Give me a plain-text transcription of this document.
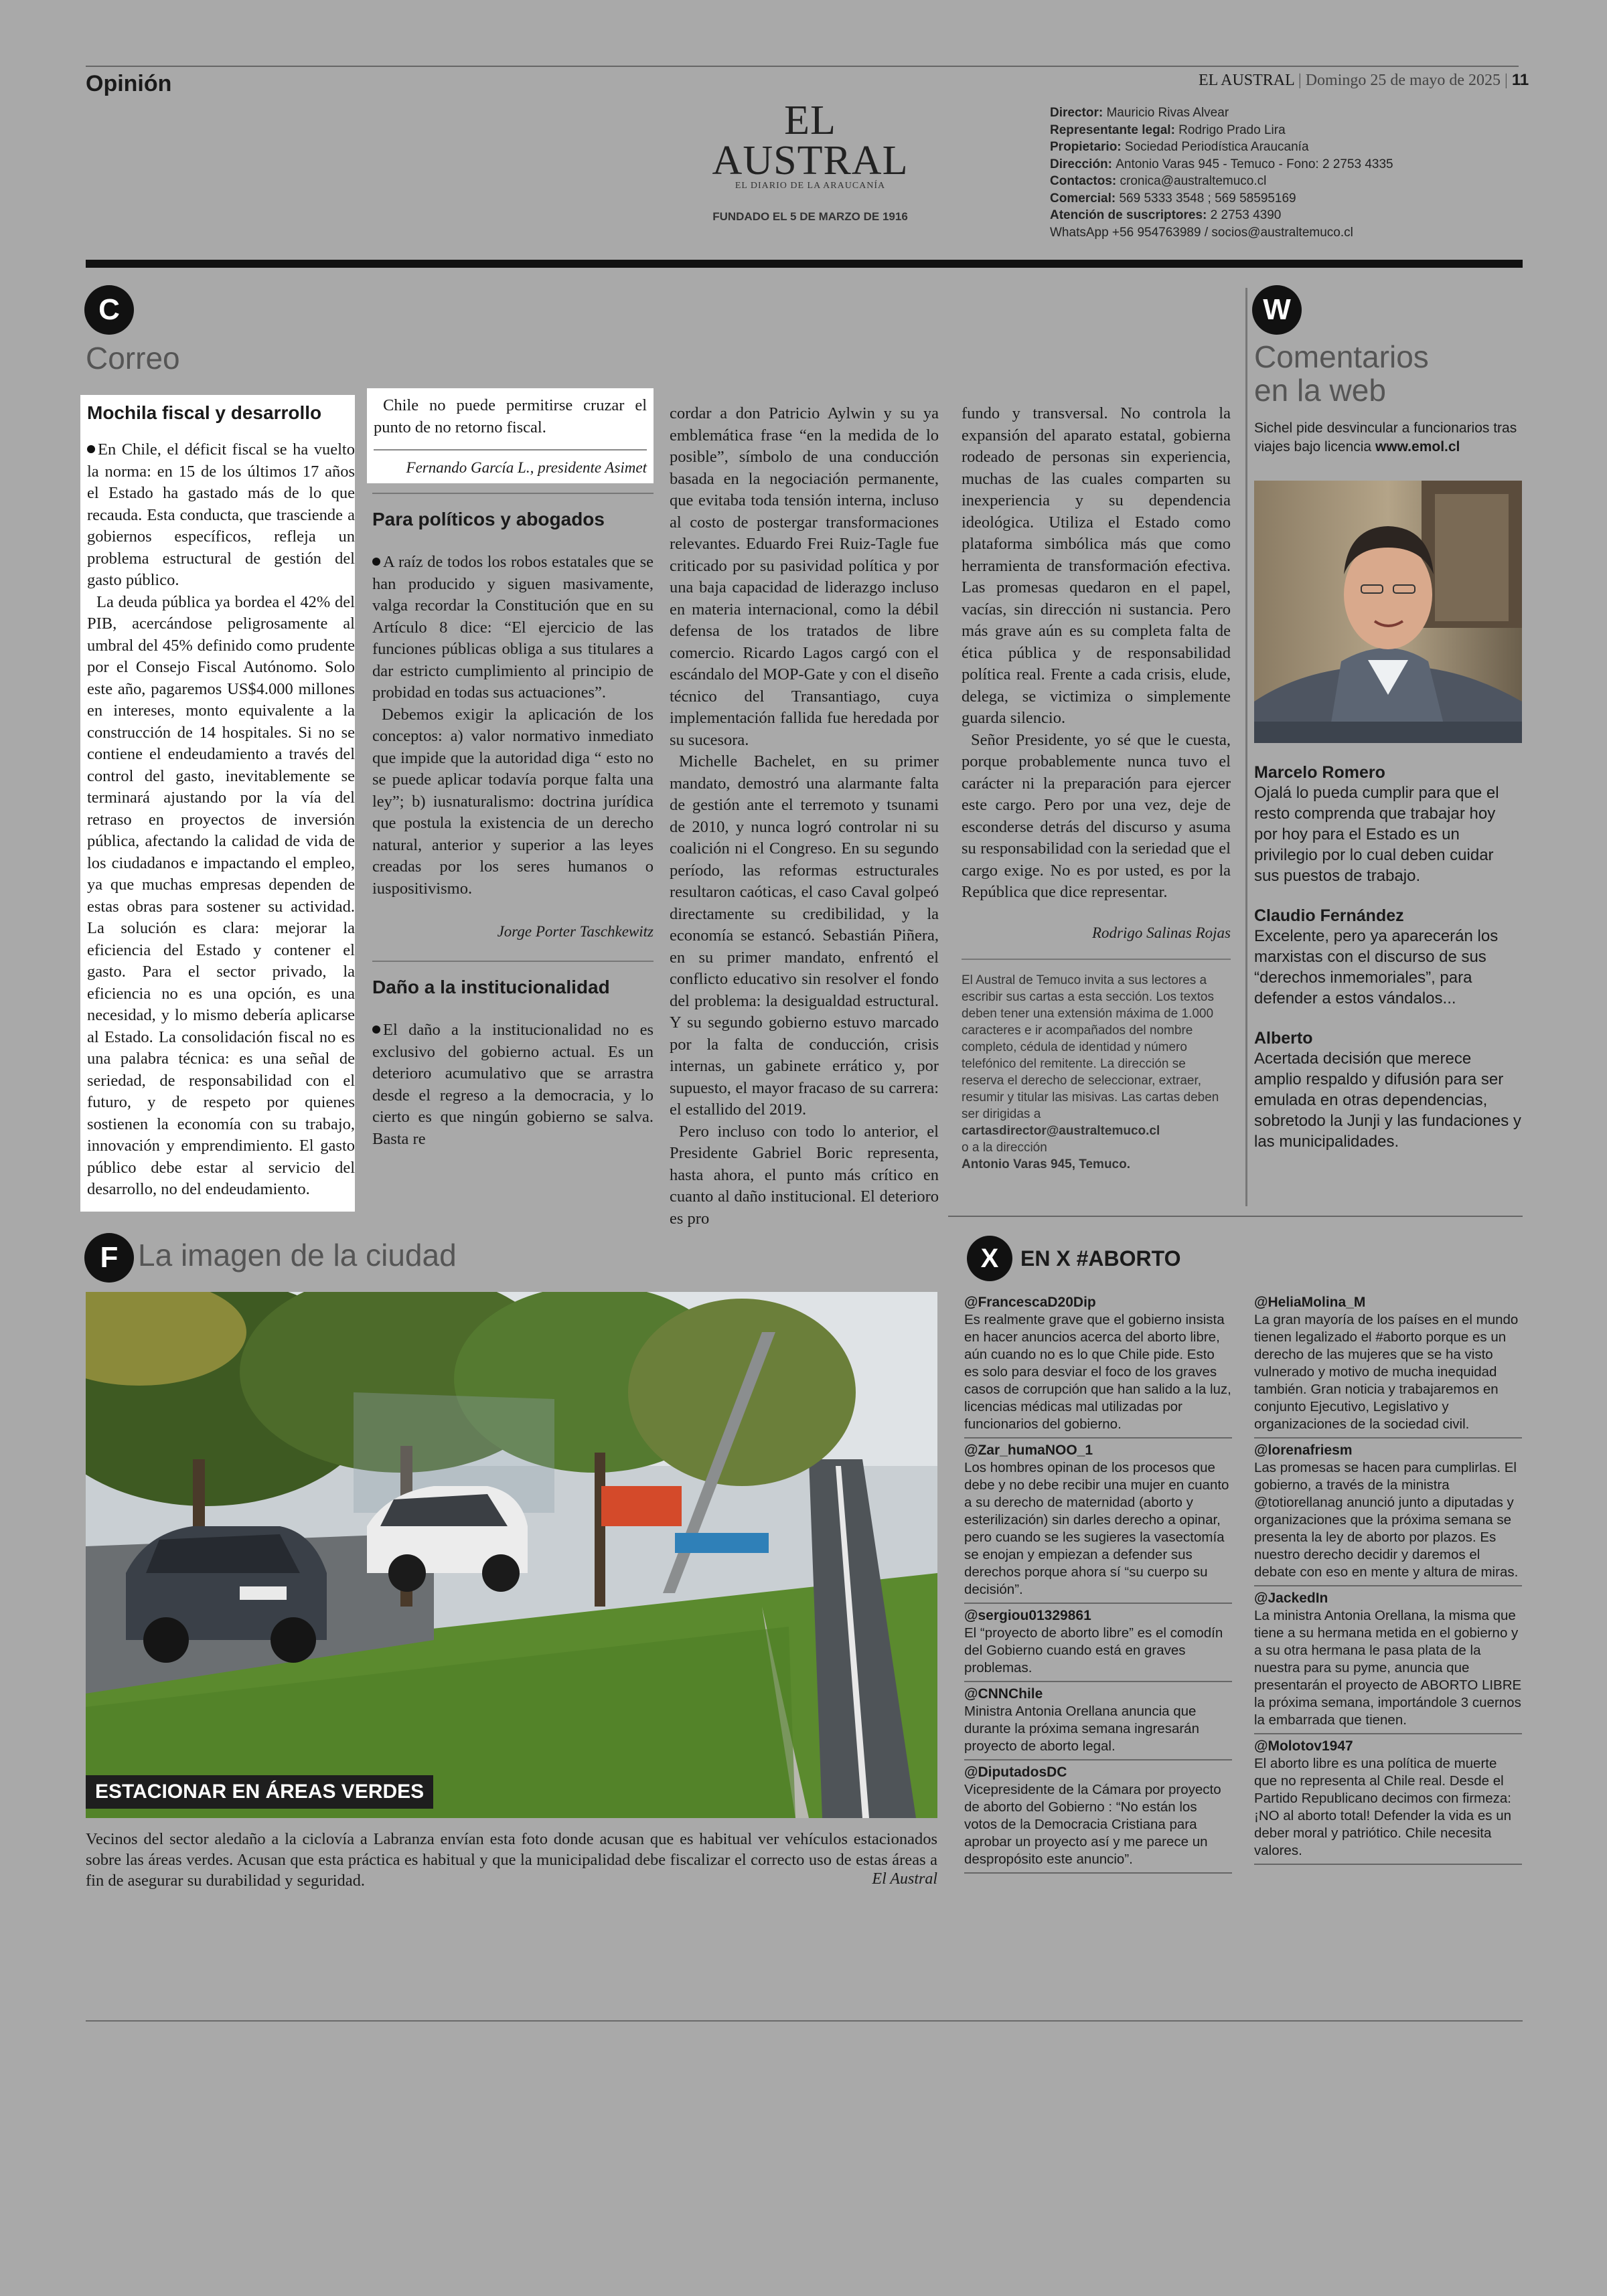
Opinión
EL AUSTRAL
EL DIARIO DE LA ARAUCANÍA
FUNDADO EL 5 DE MARZO DE 1916
EL AUSTRAL | Domingo 25 de mayo de 2025 | 11
Director: Mauricio Rivas Alvear
Representante legal: Rodrigo Prado Lira
Propietario: Sociedad Periodística Araucanía
Dirección: Antonio Varas 945 - Temuco - Fono: 2 2753 4335
Contactos: cronica@australtemuco.cl
Comercial: 569 5333 3548 ; 569 58595169
Atención de suscriptores: 2 2753 4390
WhatsApp +56 954763989 / socios@australtemuco.cl
C
Correo
Mochila fiscal y desarrollo

En Chile, el déficit fiscal se ha vuelto la norma: en 15 de los últimos 17 años el Estado ha gastado más de lo que recauda. Esta conducta, que trasciende a gobiernos específicos, refleja un problema estructural de gestión del gasto público.

La deuda pública ya bordea el 42% del PIB, acercándose peligrosamente al umbral del 45% definido como prudente por el Consejo Fiscal Autónomo. Solo este año, pagaremos US$4.000 millones en intereses, monto equivalente a la construcción de 14 hospitales. Si no se contiene el endeudamiento a través del control del gasto, inevitablemente se terminará ajustando por la vía del retraso en proyectos de inversión pública, afectando la calidad de vida de los ciudadanos e impactando el empleo, ya que muchas empresas dependen de estas obras para sostener su actividad. La solución es clara: mejorar la eficiencia del Estado y contener el gasto. Para el sector privado, la eficiencia no es una opción, es una necesidad, y lo mismo debería aplicarse al Estado. La consolidación fiscal no es una palabra técnica: es una señal de seriedad, de responsabilidad con el futuro, y de respeto por quienes sostienen la economía con su trabajo, innovación y emprendimiento. El gasto público debe estar al servicio del desarrollo, no del endeudamiento.

Chile no puede permitirse cruzar el punto de no retorno fiscal.

Fernando García L., presidente Asimet
Para políticos y abogados

A raíz de todos los robos estatales que se han producido y siguen masivamente, valga recordar la Constitución que en su Artículo 8 dice: “El ejercicio de las funciones públicas obliga a sus titulares a dar estricto cumplimiento al principio de probidad en todas sus actuaciones”.

Debemos exigir la aplicación de los conceptos: a) valor normativo inmediato que impide que la autoridad diga “ esto no se puede aplicar todavía porque falta una ley”; b) iusnaturalismo: doctrina jurídica que postula la existencia de un derecho natural, anterior y superior a las leyes creadas por los seres humanos o iuspositivismo.

Jorge Porter Taschkewitz
Daño a la institucionalidad

El daño a la institucionalidad no es exclusivo del gobierno actual. Es un deterioro acumulativo que se arrastra desde el regreso a la democracia, y lo cierto es que ningún gobierno se salva. Basta re

cordar a don Patricio Aylwin y su ya emblemática frase “en la medida de lo posible”, símbolo de una conducción basada en la negociación permanente, que evitaba toda tensión interna, incluso al costo de postergar transformaciones relevantes. Eduardo Frei Ruiz-Tagle fue criticado por su pasividad política y por una baja capacidad de liderazgo incluso en materia internacional, como la débil defensa de los tratados de libre comercio. Ricardo Lagos cargó con el escándalo del MOP-Gate y con el diseño técnico del Transantiago, cuya implementación fallida fue heredada por su sucesora.

Michelle Bachelet, en su primer mandato, demostró una alarmante falta de gestión ante el terremoto y tsunami de 2010, y nunca logró controlar ni su coalición ni el Congreso. En su segundo período, las reformas estructurales resultaron caóticas, el caso Caval golpeó directamente su credibilidad, y la economía se estancó. Sebastián Piñera, en su primer mandato, enfrentó el conflicto educativo sin resolver el fondo del problema: la desigualdad estructural. Y su segundo gobierno estuvo marcado por la falta de conducción, crisis internas, un gabinete errático y, por supuesto, el mayor fracaso de su carrera: el estallido del 2019.

Pero incluso con todo lo anterior, el Presidente Gabriel Boric representa, hasta ahora, el punto más crítico en cuanto al daño institucional. El deterioro es pro

fundo y transversal. No controla la expansión del aparato estatal, gobierna rodeado de personas sin experiencia, muchas de las cuales comparten su inexperiencia y su dependencia ideológica. Utiliza el Estado como plataforma simbólica más que como herramienta de transformación efectiva. Las promesas quedaron en el papel, vacías, sin dirección ni sustancia. Pero más grave aún es su completa falta de ética pública y de responsabilidad política real. Frente a cada crisis, elude, delega, se victimiza o simplemente guarda silencio.

Señor Presidente, yo sé que le cuesta, porque probablemente nunca tuvo el carácter ni la preparación para ejercer este cargo. Pero por una vez, deje de esconderse detrás del discurso y asuma su responsabilidad con la seriedad que el cargo exige. No es por usted, es por la República que dice representar.

Rodrigo Salinas Rojas
El Austral de Temuco invita a sus lectores a escribir sus cartas a esta sección. Los textos deben tener una extensión máxima de 1.000 caracteres e ir acompañados del nombre completo, cédula de identidad y número telefónico del remitente. La dirección se reserva el derecho de seleccionar, extraer, resumir y titular las misivas. Las cartas deben ser dirigidas a
cartasdirector@australtemuco.cl
o a la dirección
Antonio Varas 945, Temuco.
W
Comentarios
en la web
Sichel pide desvincular a funcionarios tras viajes bajo licencia www.emol.cl
Marcelo Romero
Ojalá lo pueda cumplir para que el resto comprenda que trabajar hoy por hoy para el Estado es un privilegio por lo cual deben cuidar sus puestos de trabajo.
Claudio Fernández
Excelente, pero ya aparecerán los marxistas con el discurso de sus “derechos inmemoriales”, para defender a estos vándalos...
Alberto
Acertada decisión que merece amplio respaldo y difusión para ser emulada en otras dependencias, sobretodo la Junji y las fundaciones y las municipalidades.
F La imagen de la ciudad
ESTACIONAR EN ÁREAS VERDES
Vecinos del sector aledaño a la ciclovía a Labranza envían esta foto donde acusan que es habitual ver vehículos estacionados sobre las áreas verdes. Acusan que esta práctica es habitual y que la municipalidad debe fiscalizar el correcto uso de estas áreas a fin de asegurar su durabilidad y seguridad.	El Austral
X	EN X #ABORTO
@FrancescaD20Dip
Es realmente grave que el gobierno insista en hacer anuncios acerca del aborto libre, aún cuando no es lo que Chile pide. Esto es solo para desviar el foco de los graves casos de corrupción que han salido a la luz, licencias médicas mal utilizadas por funcionarios del gobierno.
@Zar_humaNOO_1
Los hombres opinan de los procesos que debe y no debe recibir una mujer en cuanto a su derecho de maternidad (aborto y esterilización) sin darles derecho a opinar, pero cuando se les sugieres la vasectomía se enojan y empiezan a defender sus derechos porque ahora sí “su cuerpo su decisión”.
@sergiou01329861
El “proyecto de aborto libre” es el comodín del Gobierno cuando está en graves problemas.
@CNNChile
Ministra Antonia Orellana anuncia que durante la próxima semana ingresarán proyecto de aborto legal.
@DiputadosDC
Vicepresidente de la Cámara por proyecto de aborto del Gobierno : “No están los votos de la Democracia Cristiana para aprobar un proyecto así y me parece un despropósito este anuncio”.
@HeliaMolina_M
La gran mayoría de los países en el mundo tienen legalizado el #aborto porque es un derecho de las mujeres que se ha visto vulnerado y motivo de mucha inequidad también. Gran noticia y trabajaremos en conjunto Ejecutivo, Legislativo y organizaciones de la sociedad civil.
@lorenafriesm
Las promesas se hacen para cumplirlas. El gobierno, a través de la ministra @totiorellanag anunció junto a diputadas y organizaciones que la próxima semana se presenta la ley de aborto por plazos. Es nuestro derecho decidir y daremos el debate con eso en mente y altura de miras.
@JackedIn
La ministra Antonia Orellana, la misma que tiene a su hermana metida en el gobierno y a su otra hermana le pasa plata de la nuestra para su pyme, anuncia que presentarán el proyecto de ABORTO LIBRE la próxima semana, importándole 3 cuernos la embarrada que tienen.
@Molotov1947
El aborto libre es una política de muerte que no representa al Chile real. Desde el Partido Republicano decimos con firmeza: ¡NO al aborto total! Defender la vida es un deber moral y patriótico. Chile necesita valores.
